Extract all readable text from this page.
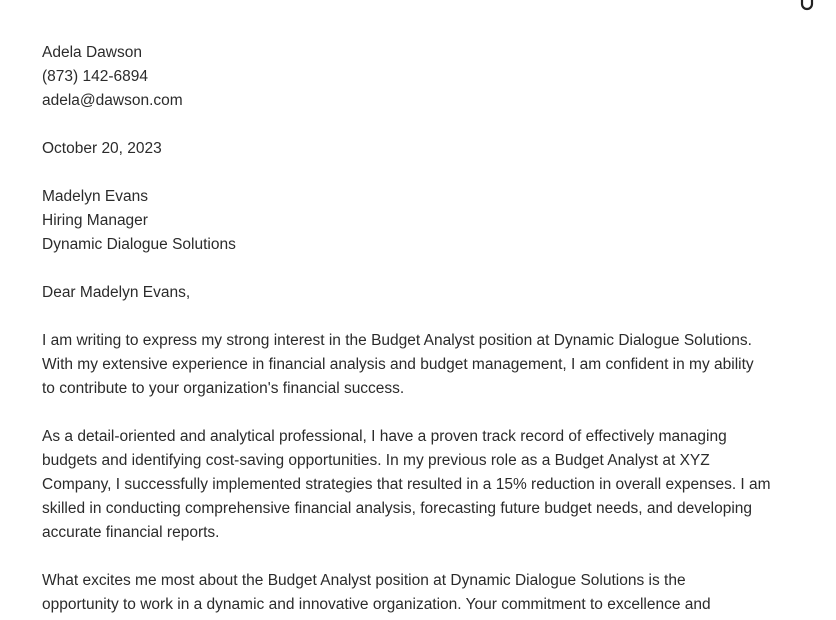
Adela Dawson
(873) 142-6894
adela@dawson.com
October 20, 2023
Madelyn Evans
Hiring Manager
Dynamic Dialogue Solutions
Dear Madelyn Evans,
I am writing to express my strong interest in the Budget Analyst position at Dynamic Dialogue Solutions.
With my extensive experience in financial analysis and budget management, I am confident in my ability
to contribute to your organization's financial success.
As a detail-oriented and analytical professional, I have a proven track record of effectively managing
budgets and identifying cost-saving opportunities. In my previous role as a Budget Analyst at XYZ
Company, I successfully implemented strategies that resulted in a 15% reduction in overall expenses. I am
skilled in conducting comprehensive financial analysis, forecasting future budget needs, and developing
accurate financial reports.
What excites me most about the Budget Analyst position at Dynamic Dialogue Solutions is the
opportunity to work in a dynamic and innovative organization. Your commitment to excellence and
